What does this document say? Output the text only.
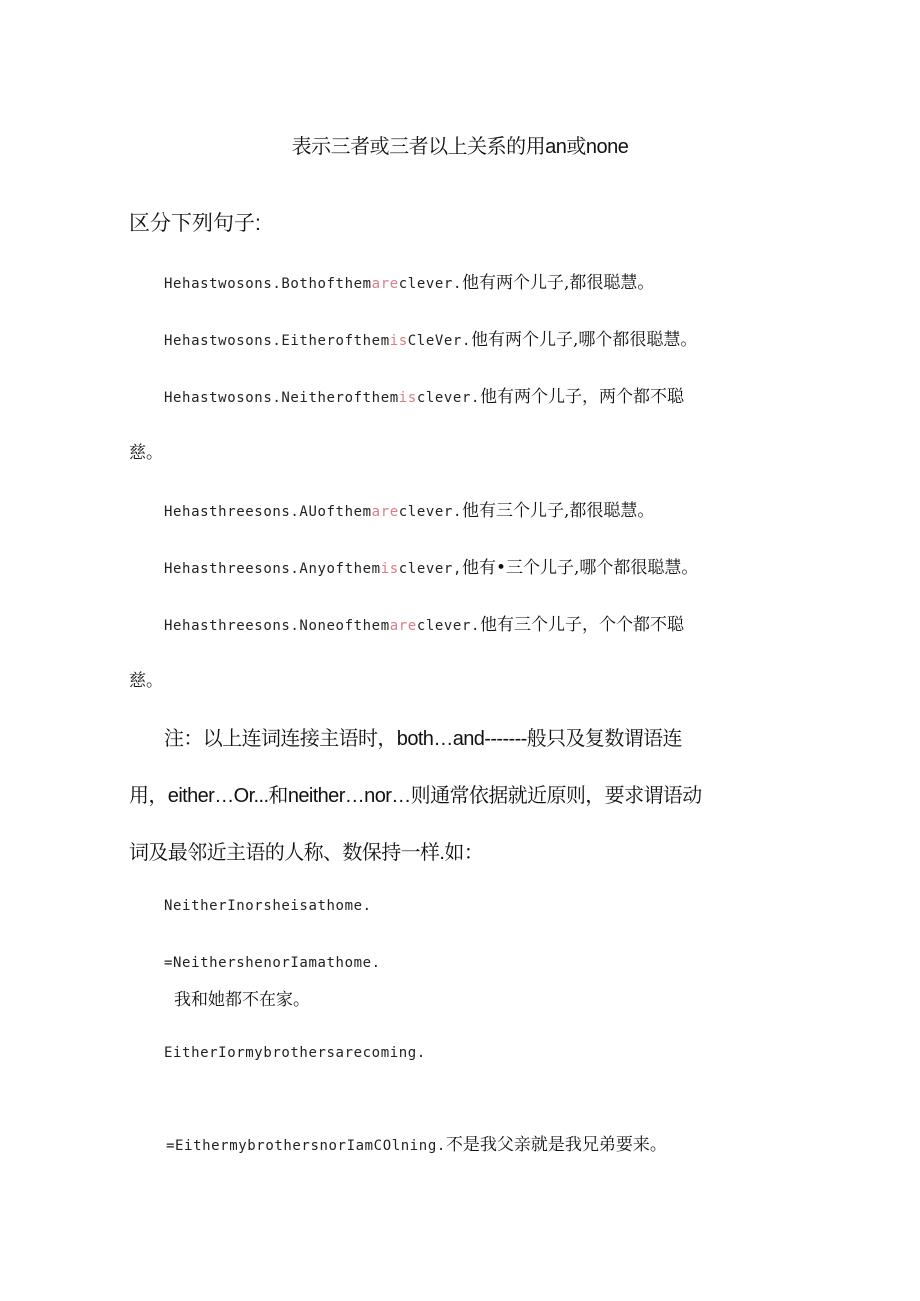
表示三者或三者以上关系的用an或none
区分下列句子:
Hehastwosons.Bothofthemareclever.他有两个儿子,都很聪慧。
Hehastwosons.EitherofthemisCleVer.他有两个儿子,哪个都很聪慧。
Hehastwosons.Neitherofthemisclever.他有两个儿子，两个都不聪
慈。
Hehasthreesons.AUofthemareclever.他有三个儿子,都很聪慧。
Hehasthreesons.Anyofthemisclever,他有•三个儿子,哪个都很聪慧。
Hehasthreesons.Noneofthemareclever.他有三个儿子，个个都不聪
慈。
注：以上连词连接主语时，both…and-------般只及复数谓语连
用，either…Or...和neither…nor…则通常依据就近原则，要求谓语动
词及最邻近主语的人称、数保持一样.如：
NeitherInorsheisathome.
=NeithershenorIamathome.
我和她都不在家。
EitherIormybrothersarecoming.
=EithermybrothersnorIamCOlning.不是我父亲就是我兄弟要来。
